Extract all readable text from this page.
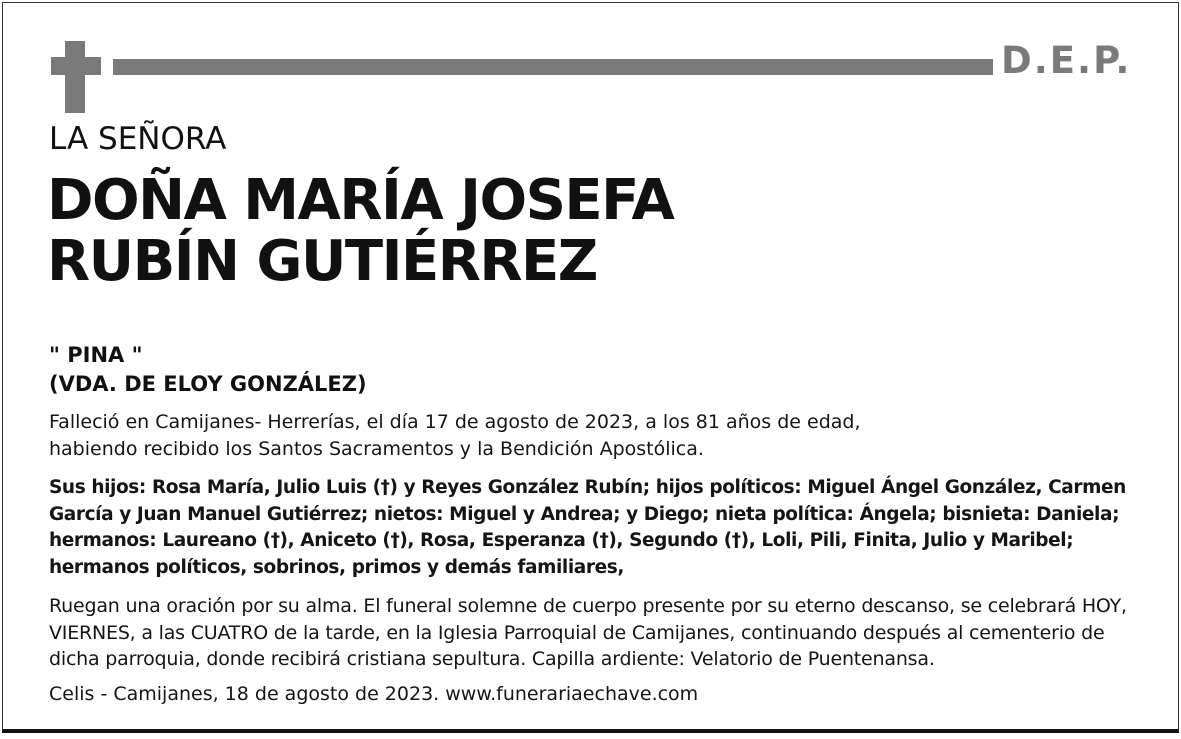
D.E.P.
LA SEÑORA
DOÑA MARÍA JOSEFA
RUBÍN GUTIÉRREZ
" PINA "
(VDA. DE ELOY GONZÁLEZ)
Falleció en Camijanes- Herrerías, el día 17 de agosto de 2023, a los 81 años de edad,
habiendo recibido los Santos Sacramentos y la Bendición Apostólica.
Sus hijos: Rosa María, Julio Luis (†) y Reyes González Rubín; hijos políticos: Miguel Ángel González, Carmen García y Juan Manuel Gutiérrez; nietos: Miguel y Andrea; y Diego; nieta política: Ángela; bisnieta: Daniela; hermanos: Laureano (†), Aniceto (†), Rosa, Esperanza (†), Segundo (†), Loli, Pili, Finita, Julio y Maribel; hermanos políticos, sobrinos, primos y demás familiares,
Ruegan una oración por su alma. El funeral solemne de cuerpo presente por su eterno descanso, se celebrará HOY, VIERNES, a las CUATRO de la tarde, en la Iglesia Parroquial de Camijanes, continuando después al cementerio de dicha parroquia, donde recibirá cristiana sepultura. Capilla ardiente: Velatorio de Puentenansa.
Celis - Camijanes, 18 de agosto de 2023. www.funerariaechave.com
